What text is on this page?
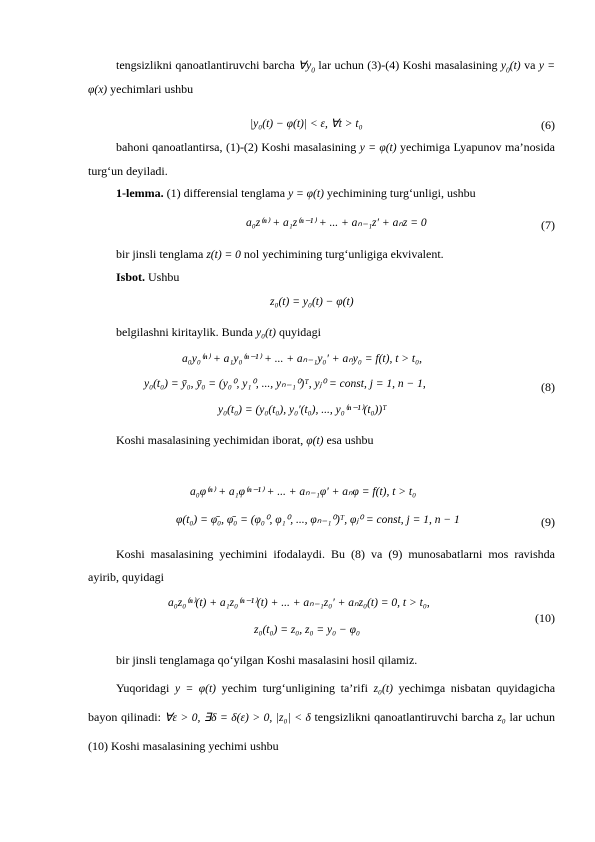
tengsizlikni qanoatlantiruvchi barcha $\forall y_0$ lar uchun (3)-(4) Koshi masalasining $y_0(t)$ va y = φ(x) yechimlari ushbu
|y₀(t) − φ(t)| < ε, ∀t > t₀	(6)
bahoni qanoatlantirsa, (1)-(2) Koshi masalasining y = φ(t) yechimiga Lyapunov ma’nosida turg‘un deyiladi.
1-lemma. (1) differensial tenglama y = φ(t) yechimining turg‘unligi, ushbu
a₀z⁽ⁿ⁾ + a₁z⁽ⁿ⁻¹⁾ + ... + aₙ₋₁z′ + aₙz = 0	(7)
bir jinsli tenglama z(t) = 0 nol yechimining turg‘unligiga ekvivalent.
Isbot. Ushbu
z₀(t) = y₀(t) − φ(t)
belgilashni kiritaylik. Bunda y₀(t) quyidagi
a₀y₀⁽ⁿ⁾ + a₁y₀⁽ⁿ⁻¹⁾ + ... + aₙ₋₁y₀′ + aₙy₀ = f(t), t > t₀,
y₀(t₀) = ȳ₀, ȳ₀ = (y₀⁰, y₁⁰, ..., yₙ₋₁⁰)ᵀ, yⱼ⁰ = const, j = 1, n − 1,
y₀(t₀) = (y₀(t₀), y₀′(t₀), ..., y₀⁽ⁿ⁻¹⁾(t₀))ᵀ
(8)
Koshi masalasining yechimidan iborat, φ(t) esa ushbu
a₀φ⁽ⁿ⁾ + a₁φ⁽ⁿ⁻¹⁾ + ... + aₙ₋₁φ′ + aₙφ = f(t), t > t₀
φ(t₀) = φ̄₀, φ̄₀ = (φ₀⁰, φ₁⁰, ..., φₙ₋₁⁰)ᵀ, φⱼ⁰ = const, j = 1, n − 1	(9)
Koshi masalasining yechimini ifodalaydi. Bu (8) va (9) munosabatlarni mos ravishda ayirib, quyidagi
a₀z₀⁽ⁿ⁾(t) + a₁z₀⁽ⁿ⁻¹⁾(t) + ... + aₙ₋₁z₀′ + aₙz₀(t) = 0, t > t₀,
z₀(t₀) = z₀, z₀ = y₀ − φ₀
(10)
bir jinsli tenglamaga qo‘yilgan Koshi masalasini hosil qilamiz.
Yuqoridagi y = φ(t) yechim turg‘unligining ta’rifi z₀(t) yechimga nisbatan quyidagicha bayon qilinadi: ∀ε > 0, ∃δ = δ(ε) > 0, |z₀| < δ tengsizlikni qanoatlantiruvchi barcha z₀ lar uchun (10) Koshi masalasining yechimi ushbu
